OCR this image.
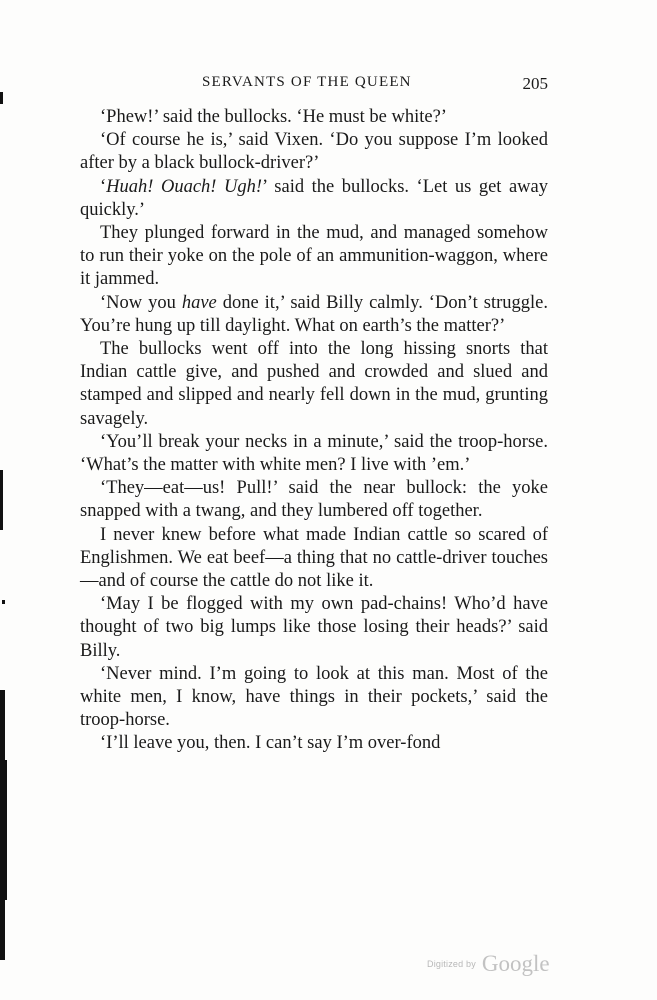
SERVANTS OF THE QUEEN	205

‘Phew!’ said the bullocks. ‘He must be white?’

‘Of course he is,’ said Vixen. ‘Do you suppose I’m looked after by a black bullock-driver?’

‘Huah! Ouach! Ugh!’ said the bullocks. ‘Let us get away quickly.’

They plunged forward in the mud, and managed somehow to run their yoke on the pole of an ammunition-waggon, where it jammed.

‘Now you have done it,’ said Billy calmly. ‘Don’t struggle. You’re hung up till daylight. What on earth’s the matter?’

The bullocks went off into the long hissing snorts that Indian cattle give, and pushed and crowded and slued and stamped and slipped and nearly fell down in the mud, grunting savagely.

‘You’ll break your necks in a minute,’ said the troop-horse. ‘What’s the matter with white men? I live with ’em.’

‘They—eat—us! Pull!’ said the near bullock: the yoke snapped with a twang, and they lumbered off together.

I never knew before what made Indian cattle so scared of Englishmen. We eat beef—a thing that no cattle-driver touches—and of course the cattle do not like it.

‘May I be flogged with my own pad-chains! Who’d have thought of two big lumps like those losing their heads?’ said Billy.

‘Never mind. I’m going to look at this man. Most of the white men, I know, have things in their pockets,’ said the troop-horse.

‘I’ll leave you, then. I can’t say I’m over-fond

Digitized by Google
